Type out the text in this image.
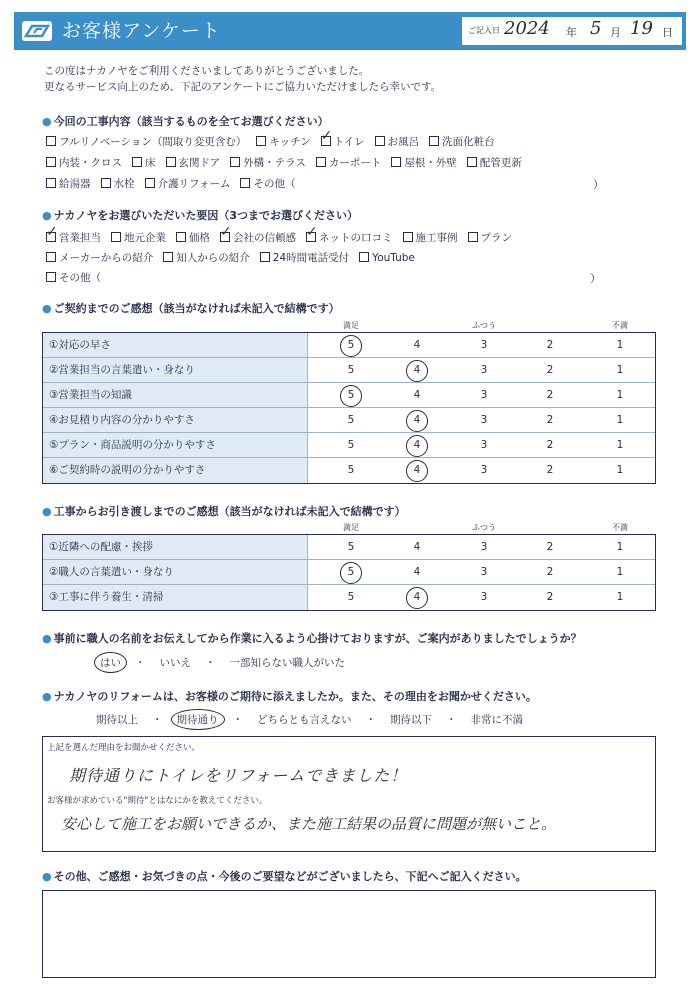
お客様アンケート	ご記入日 2024 年 5 月 19 日
この度はナカノヤをご利用くださいましてありがとうございました。
更なるサービス向上のため、下記のアンケートにご協力いただけましたら幸いです。
● 今回の工事内容（該当するものを全てお選びください）
フルリノベーション（間取り変更含む） キッチン ✓ トイレ お風呂 洗面化粧台
内装・クロス 床 玄関ドア 外構・テラス カーポート 屋根・外壁 配管更新
給湯器 水栓 介護リフォーム その他（	）
● ナカノヤをお選びいただいた要因（3つまでお選びください）
✓営業担当 地元企業 価格 ✓ 会社の信頼感 ✓ ネットの口コミ 施工事例 プラン
メーカーからの紹介 知人からの紹介 24時間電話受付 YouTube
その他（	）
● ご契約までのご感想（該当がなければ未記入で結構です）
満足	ふつう	不満
①対応の早さ	5	4	3	2	1
②営業担当の言葉遣い・身なり	5	4	3	2	1
③営業担当の知識	5	4	3	2	1
④お見積り内容の分かりやすさ	5	4	3	2	1
⑤プラン・商品説明の分かりやすさ	5	4	3	2	1
⑥ご契約時の説明の分かりやすさ	5	4	3	2	1
● 工事からお引き渡しまでのご感想（該当がなければ未記入で結構です）
満足	ふつう	不満
①近隣への配慮・挨拶	5	4	3	2	1
②職人の言葉遣い・身なり	5	4	3	2	1
③工事に伴う養生・清掃	5	4	3	2	1
● 事前に職人の名前をお伝えしてから作業に入るよう心掛けておりますが、ご案内がありましたでしょうか？
はい ・ いいえ ・ 一部知らない職人がいた
● ナカノヤのリフォームは、お客様のご期待に添えましたか。また、その理由をお聞かせください。
期待以上 ・ 期待通り ・ どちらとも言えない ・ 期待以下 ・ 非常に不満
上記を選んだ理由をお聞かせください。
期待通りにトイレをリフォームできました！
お客様が求めている"期待"とはなにかを教えてください。
安心して施工をお願いできるか、また施工結果の品質に問題が無いこと。
● その他、ご感想・お気づきの点・今後のご要望などがございましたら、下記へご記入ください。
